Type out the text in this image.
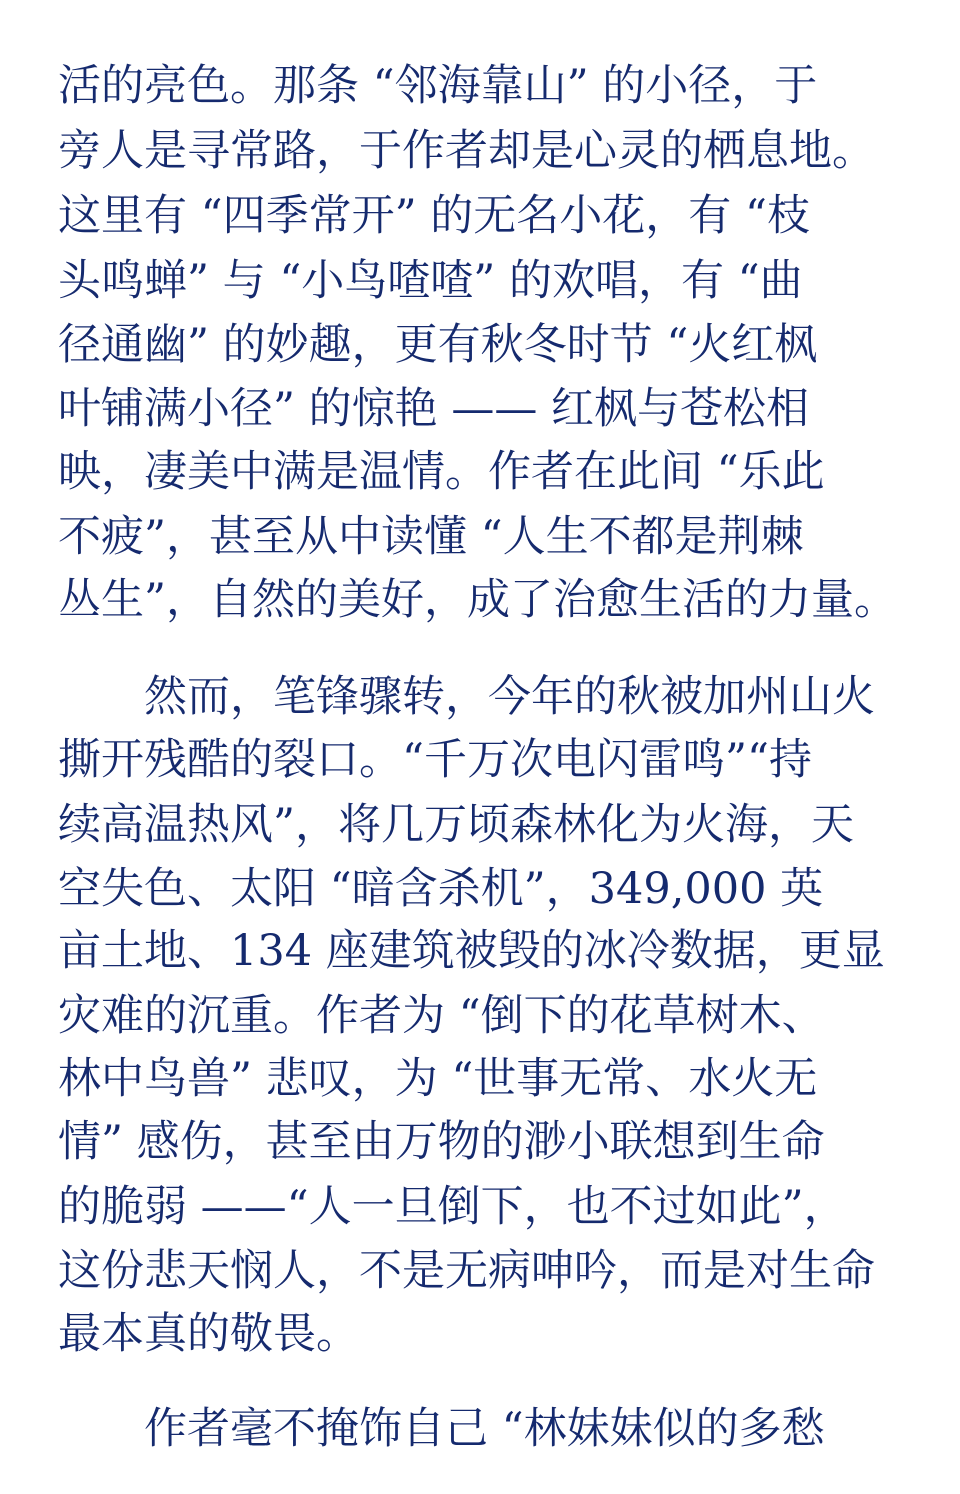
活的亮色。那条 “邻海靠山” 的小径，于
旁人是寻常路，于作者却是心灵的栖息地。
这里有 “四季常开” 的无名小花，有 “枝
头鸣蝉” 与 “小鸟喳喳” 的欢唱，有 “曲
径通幽” 的妙趣，更有秋冬时节 “火红枫
叶铺满小径” 的惊艳 —— 红枫与苍松相
映，凄美中满是温情。作者在此间 “乐此
不疲”，甚至从中读懂 “人生不都是荆棘
丛生”，自然的美好，成了治愈生活的力量。
然而，笔锋骤转，今年的秋被加州山火
撕开残酷的裂口。“千万次电闪雷鸣”“持
续高温热风”，将几万顷森林化为火海，天
空失色、太阳 “暗含杀机”，349,000 英
亩土地、134 座建筑被毁的冰冷数据，更显
灾难的沉重。作者为 “倒下的花草树木、
林中鸟兽” 悲叹，为 “世事无常、水火无
情” 感伤，甚至由万物的渺小联想到生命
的脆弱 ——“人一旦倒下，也不过如此”，
这份悲天悯人，不是无病呻吟，而是对生命
最本真的敬畏。
作者毫不掩饰自己 “林妹妹似的多愁
